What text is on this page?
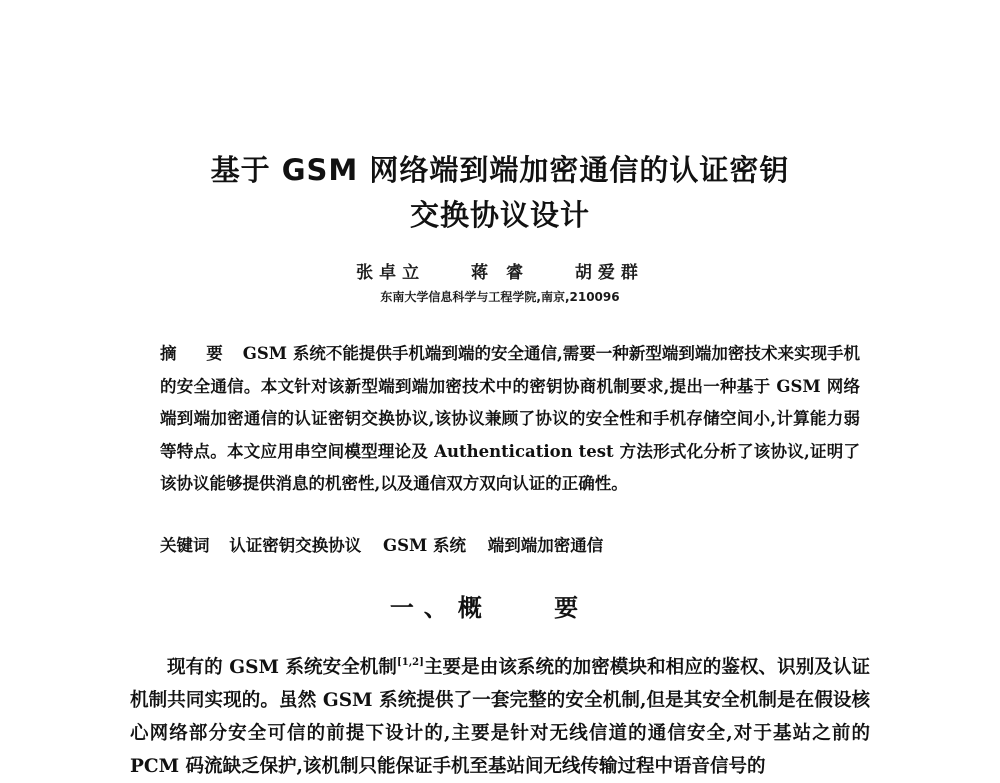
基于 GSM 网络端到端加密通信的认证密钥
交换协议设计
张卓立	蒋 睿	胡爱群
东南大学信息科学与工程学院,南京,210096
摘 要 GSM 系统不能提供手机端到端的安全通信,需要一种新型端到端加密技术来实现手机的安全通信。本文针对该新型端到端加密技术中的密钥协商机制要求,提出一种基于 GSM 网络端到端加密通信的认证密钥交换协议,该协议兼顾了协议的安全性和手机存储空间小,计算能力弱等特点。本文应用串空间模型理论及 Authentication test 方法形式化分析了该协议,证明了该协议能够提供消息的机密性,以及通信双方双向认证的正确性。
关键词 认证密钥交换协议 GSM 系统 端到端加密通信
一、概 要
现有的 GSM 系统安全机制[1,2]主要是由该系统的加密模块和相应的鉴权、识别及认证机制共同实现的。虽然 GSM 系统提供了一套完整的安全机制,但是其安全机制是在假设核心网络部分安全可信的前提下设计的,主要是针对无线信道的通信安全,对于基站之前的 PCM 码流缺乏保护,该机制只能保证手机至基站间无线传输过程中语音信号的
